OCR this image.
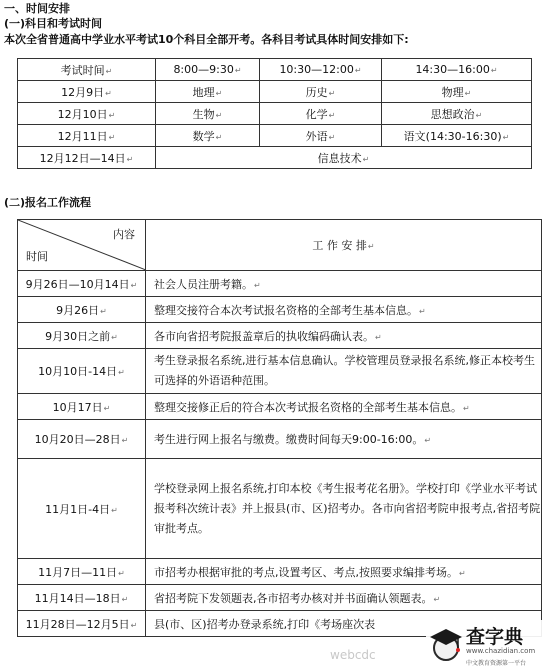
一、时间安排
(一)科目和考试时间
本次全省普通高中学业水平考试10个科目全部开考。各科目考试具体时间安排如下:
考试时间↵	8:00—9:30↵	10:30—12:00↵	14:30—16:00↵
12月9日↵	地理↵	历史↵	物理↵
12月10日↵	生物↵	化学↵	思想政治↵
12月11日↵	数学↵	外语↵	语文(14:30-16:30)↵
12月12日—14日↵	信息技术↵		
(二)报名工作流程
内容
时间	工 作 安 排↵
9月26日—10月14日↵	社会人员注册考籍。↵
9月26日↵	整理交接符合本次考试报名资格的全部考生基本信息。↵
9月30日之前↵	各市向省招考院报盖章后的执收编码确认表。↵
10月10日-14日↵	考生登录报名系统,进行基本信息确认。学校管理员登录报名系统,修正本校考生可选择的外语语种范围。
10月17日↵	整理交接修正后的符合本次考试报名资格的全部考生基本信息。↵
10月20日—28日↵	考生进行网上报名与缴费。缴费时间每天9:00-16:00。↵
11月1日-4日↵	学校登录网上报名系统,打印本校《考生报考花名册》。学校打印《学业水平考试报考科次统计表》并上报县(市、区)招考办。各市向省招考院申报考点,省招考院审批考点。
11月7日—11日↵	市招考办根据审批的考点,设置考区、考点,按照要求编排考场。↵
11月14日—18日↵	省招考院下发领题表,各市招考办核对并书面确认领题表。↵
11月28日—12月5日↵	县(市、区)招考办登录系统,打印《考场座次表
webcdc
查字典
www.chazidian.com
中文教育资源第一平台
